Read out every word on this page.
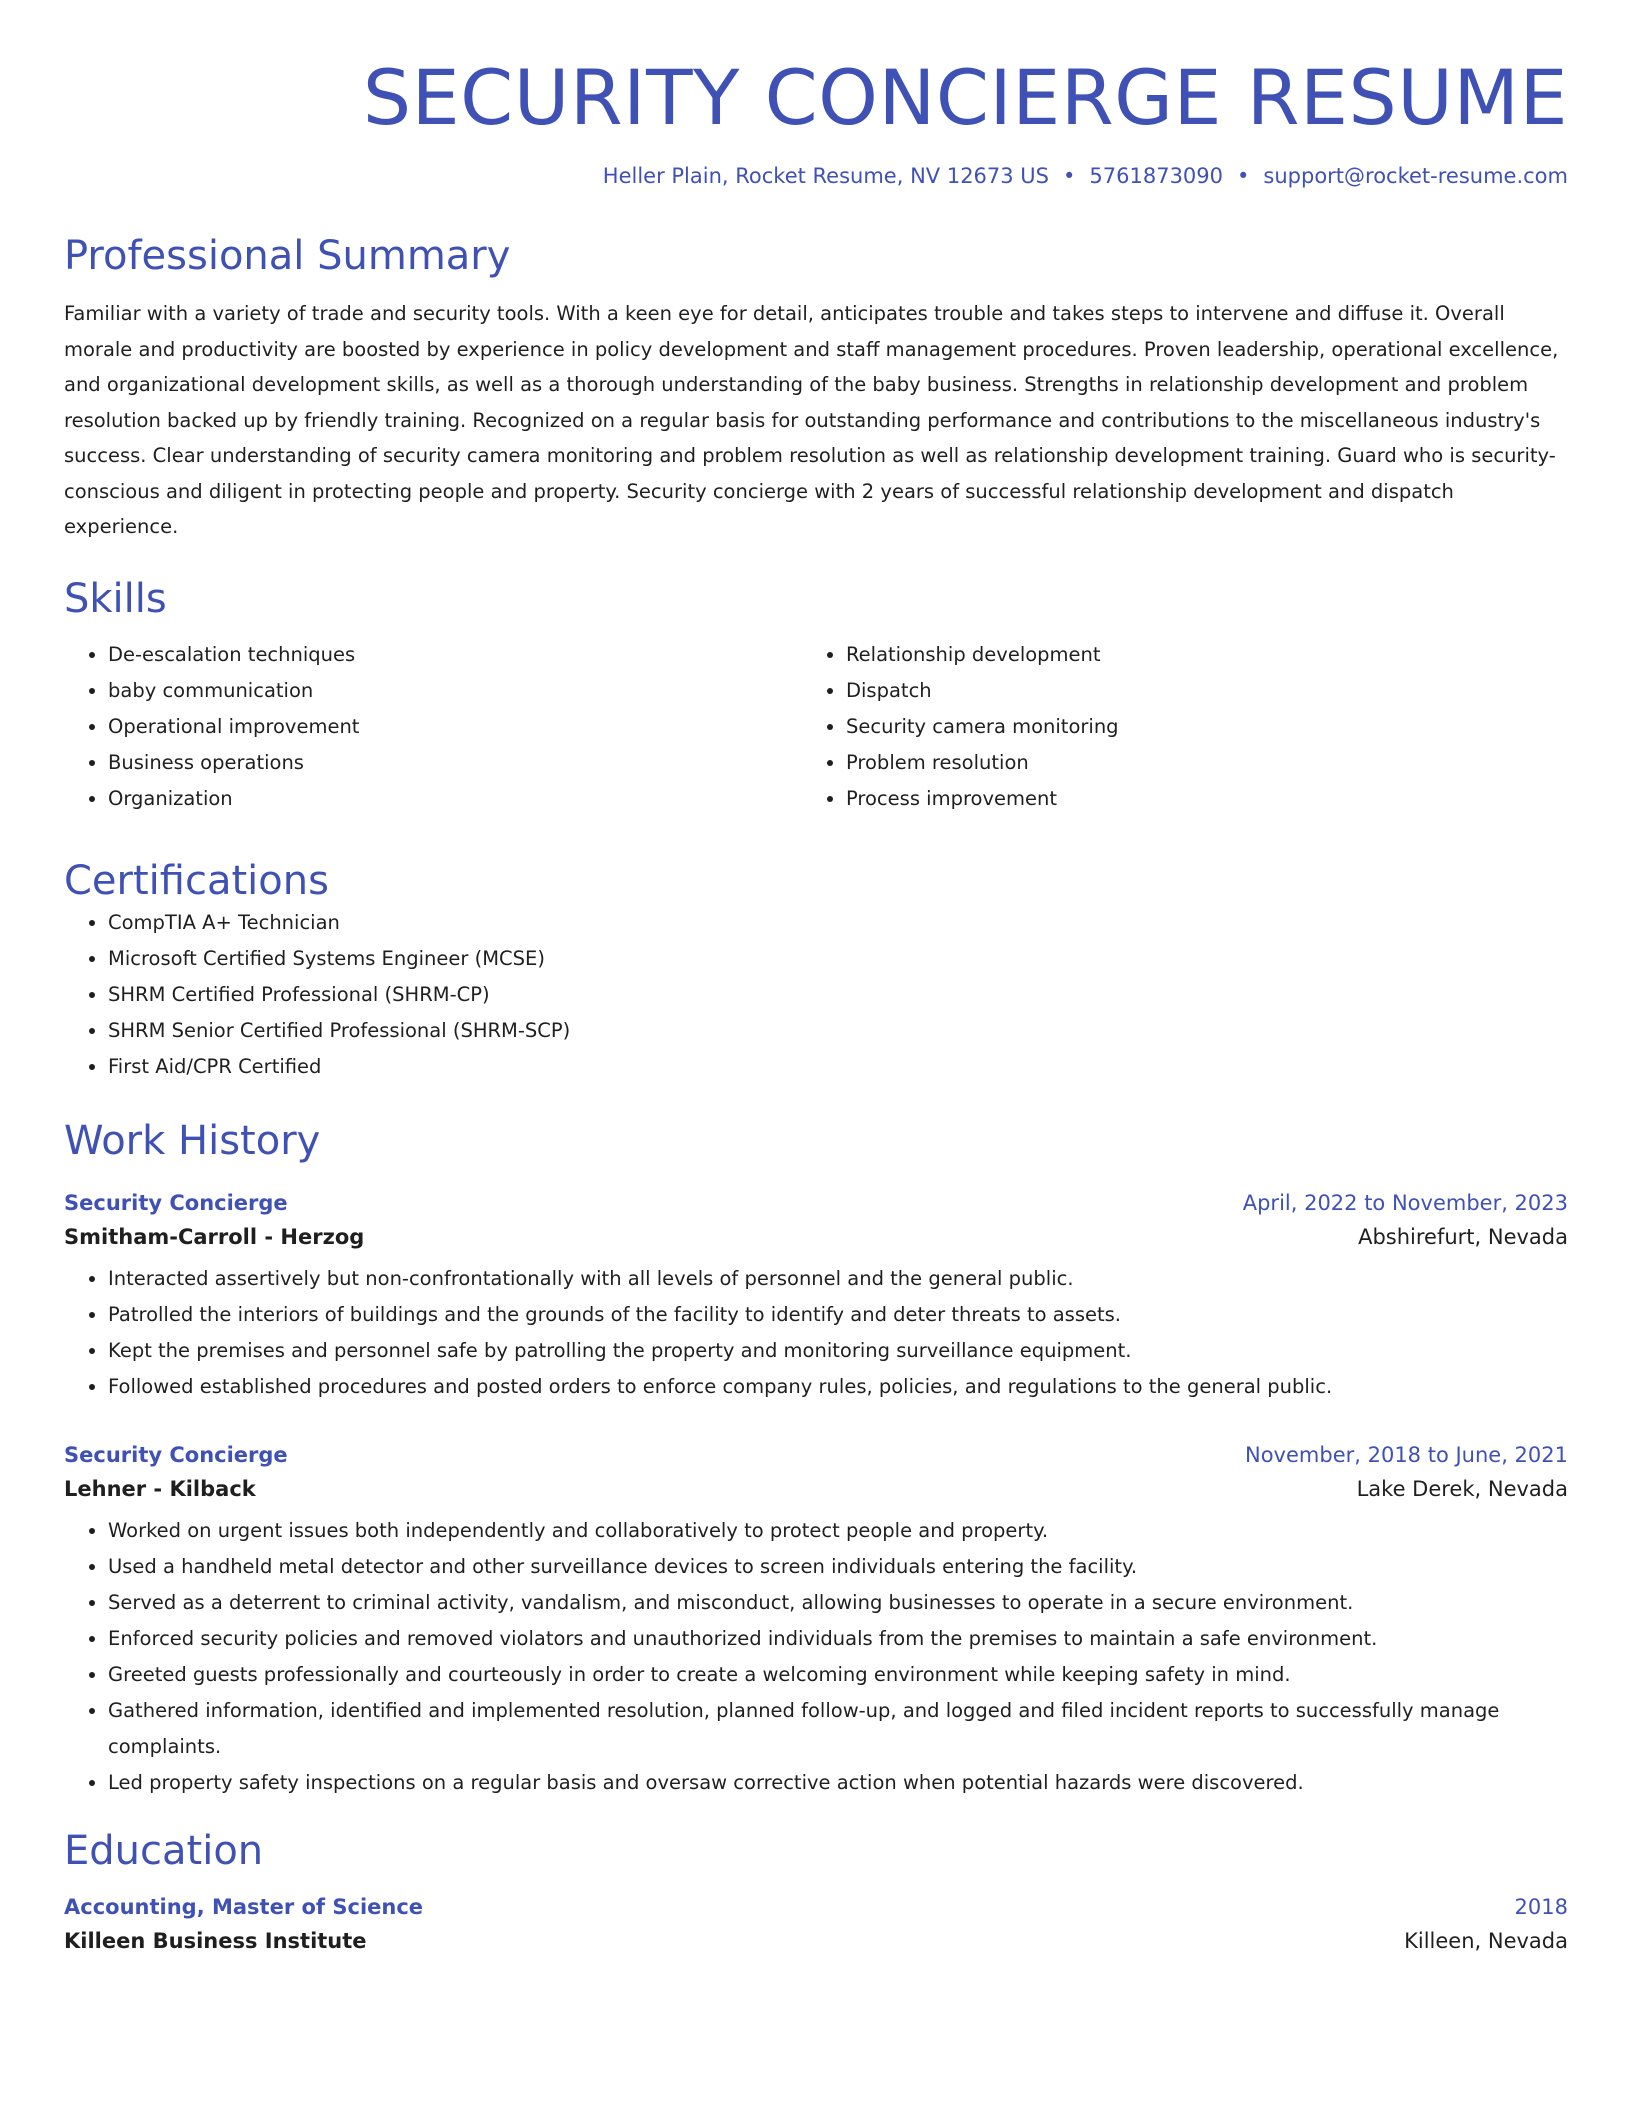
SECURITY CONCIERGE RESUME
Heller Plain, Rocket Resume, NV 12673 US • 5761873090 • support@rocket-resume.com
Professional Summary
Familiar with a variety of trade and security tools. With a keen eye for detail, anticipates trouble and takes steps to intervene and diffuse it. Overall morale and productivity are boosted by experience in policy development and staff management procedures. Proven leadership, operational excellence, and organizational development skills, as well as a thorough understanding of the baby business. Strengths in relationship development and problem resolution backed up by friendly training. Recognized on a regular basis for outstanding performance and contributions to the miscellaneous industry's success. Clear understanding of security camera monitoring and problem resolution as well as relationship development training. Guard who is security-conscious and diligent in protecting people and property. Security concierge with 2 years of successful relationship development and dispatch experience.
Skills
• De-escalation techniques
• baby communication
• Operational improvement
• Business operations
• Organization
• Relationship development
• Dispatch
• Security camera monitoring
• Problem resolution
• Process improvement
Certifications
• CompTIA A+ Technician
• Microsoft Certified Systems Engineer (MCSE)
• SHRM Certified Professional (SHRM-CP)
• SHRM Senior Certified Professional (SHRM-SCP)
• First Aid/CPR Certified
Work History
Security Concierge	April, 2022 to November, 2023
Smitham-Carroll - Herzog	Abshirefurt, Nevada
• Interacted assertively but non-confrontationally with all levels of personnel and the general public.
• Patrolled the interiors of buildings and the grounds of the facility to identify and deter threats to assets.
• Kept the premises and personnel safe by patrolling the property and monitoring surveillance equipment.
• Followed established procedures and posted orders to enforce company rules, policies, and regulations to the general public.
Security Concierge	November, 2018 to June, 2021
Lehner - Kilback	Lake Derek, Nevada
• Worked on urgent issues both independently and collaboratively to protect people and property.
• Used a handheld metal detector and other surveillance devices to screen individuals entering the facility.
• Served as a deterrent to criminal activity, vandalism, and misconduct, allowing businesses to operate in a secure environment.
• Enforced security policies and removed violators and unauthorized individuals from the premises to maintain a safe environment.
• Greeted guests professionally and courteously in order to create a welcoming environment while keeping safety in mind.
• Gathered information, identified and implemented resolution, planned follow-up, and logged and filed incident reports to successfully manage complaints.
• Led property safety inspections on a regular basis and oversaw corrective action when potential hazards were discovered.
Education
Accounting, Master of Science	2018
Killeen Business Institute	Killeen, Nevada
